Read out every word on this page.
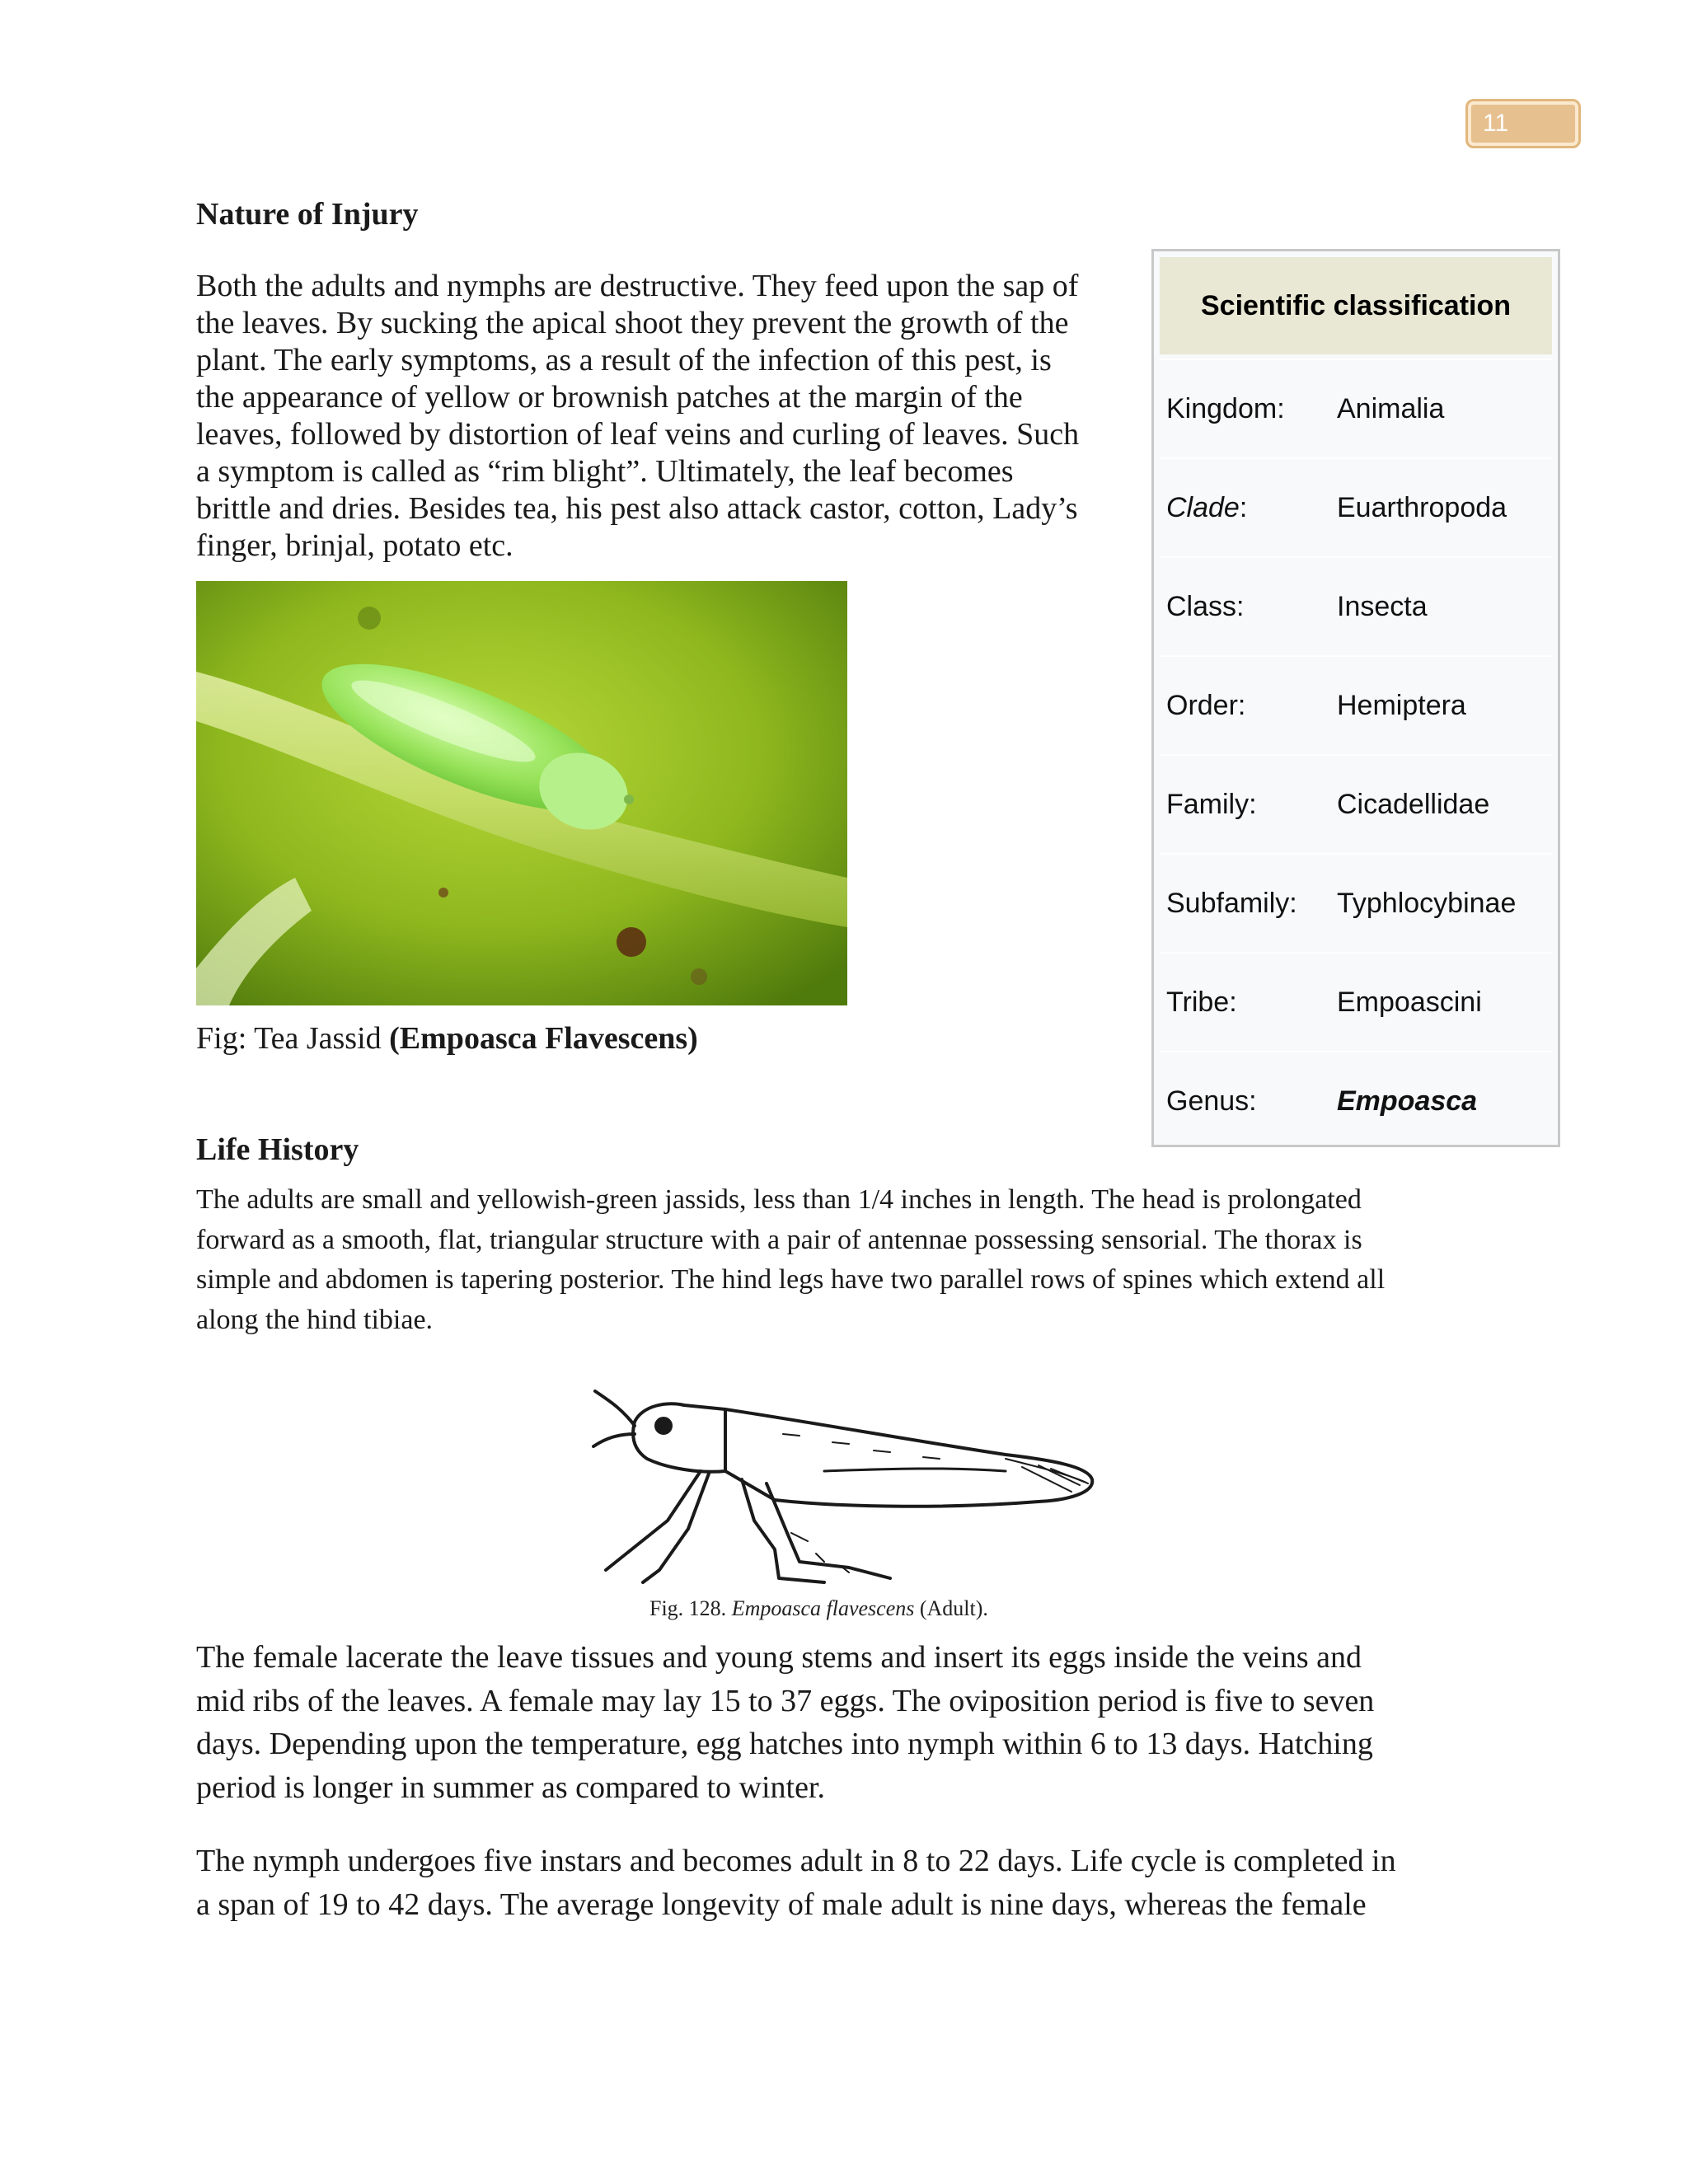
11
Nature of Injury
Both the adults and nymphs are destructive. They feed upon the sap of
the leaves. By sucking the apical shoot they prevent the growth of the
plant. The early symptoms, as a result of the infection of this pest, is
the appearance of yellow or brownish patches at the margin of the
leaves, followed by distortion of leaf veins and curling of leaves. Such
a symptom is called as “rim blight”. Ultimately, the leaf becomes
brittle and dries. Besides tea, his pest also attack castor, cotton, Lady’s
finger, brinjal, potato etc.

Fig: Tea Jassid (Empoasca Flavescens)

Scientific classification
Kingdom: Animalia
Clade:	Euarthropoda
Class:	Insecta
Order:	Hemiptera
Family:	Cicadellidae
Subfamily: Typhlocybinae
Tribe:	Empoascini
Genus:	Empoasca
Life History
The adults are small and yellowish-green jassids, less than 1/4 inches in length. The head is prolongated
forward as a smooth, flat, triangular structure with a pair of antennae possessing sensorial. The thorax is
simple and abdomen is tapering posterior. The hind legs have two parallel rows of spines which extend all
along the hind tibiae.

Fig. 128. Empoasca flavescens (Adult).

The female lacerate the leave tissues and young stems and insert its eggs inside the veins and
mid ribs of the leaves. A female may lay 15 to 37 eggs. The oviposition period is five to seven
days. Depending upon the temperature, egg hatches into nymph within 6 to 13 days. Hatching
period is longer in summer as compared to winter.
The nymph undergoes five instars and becomes adult in 8 to 22 days. Life cycle is completed in
a span of 19 to 42 days. The average longevity of male adult is nine days, whereas the female
